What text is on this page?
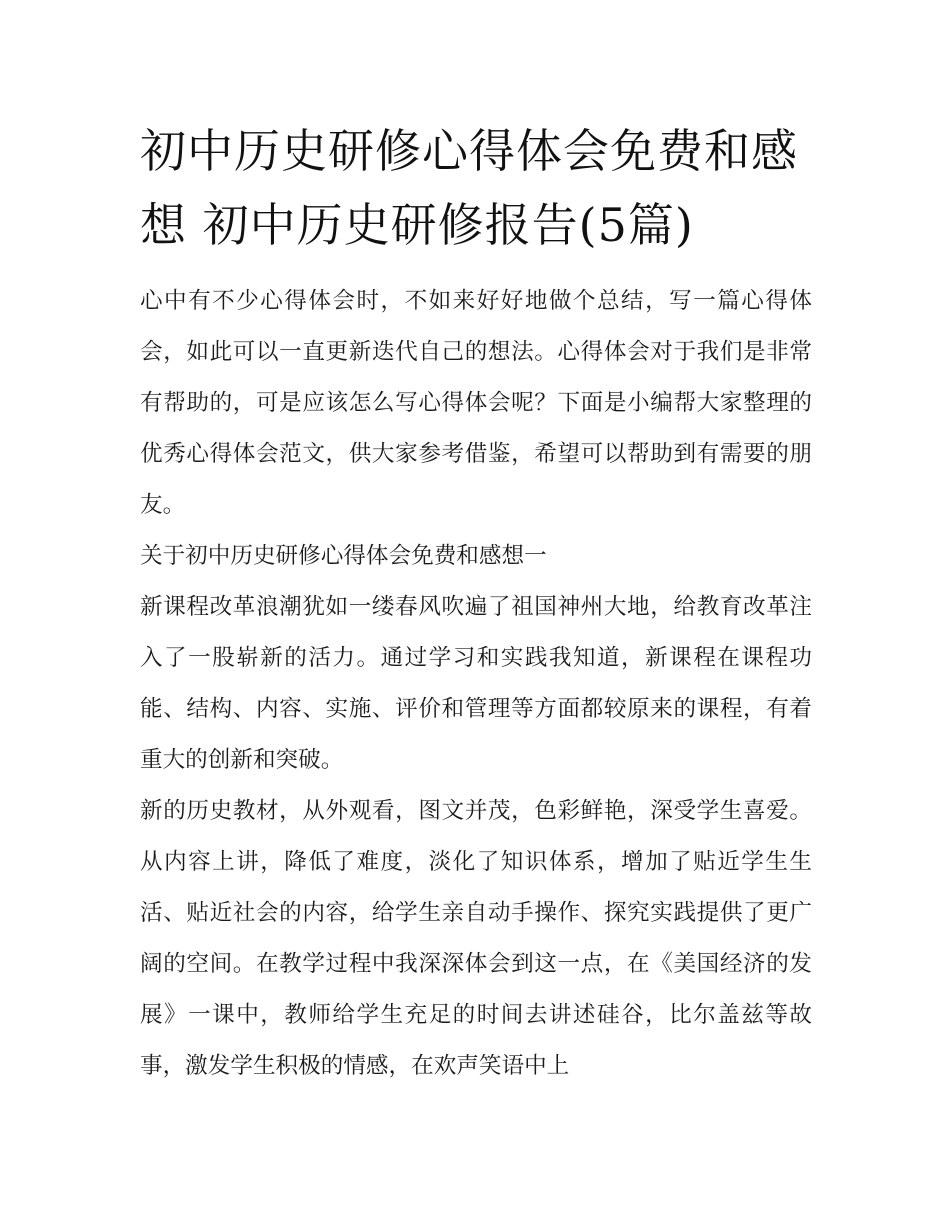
初中历史研修心得体会免费和感想 初中历史研修报告(5篇)

心中有不少心得体会时，不如来好好地做个总结，写一篇心得体会，如此可以一直更新迭代自己的想法。心得体会对于我们是非常有帮助的，可是应该怎么写心得体会呢？下面是小编帮大家整理的优秀心得体会范文，供大家参考借鉴，希望可以帮助到有需要的朋友。

关于初中历史研修心得体会免费和感想一

新课程改革浪潮犹如一缕春风吹遍了祖国神州大地，给教育改革注入了一股崭新的活力。通过学习和实践我知道，新课程在课程功能、结构、内容、实施、评价和管理等方面都较原来的课程，有着重大的创新和突破。

新的历史教材，从外观看，图文并茂，色彩鲜艳，深受学生喜爱。从内容上讲，降低了难度，淡化了知识体系，增加了贴近学生生活、贴近社会的内容，给学生亲自动手操作、探究实践提供了更广阔的空间。在教学过程中我深深体会到这一点，在《美国经济的发展》一课中，教师给学生充足的时间去讲述硅谷，比尔盖兹等故事，激发学生积极的情感，在欢声笑语中上
